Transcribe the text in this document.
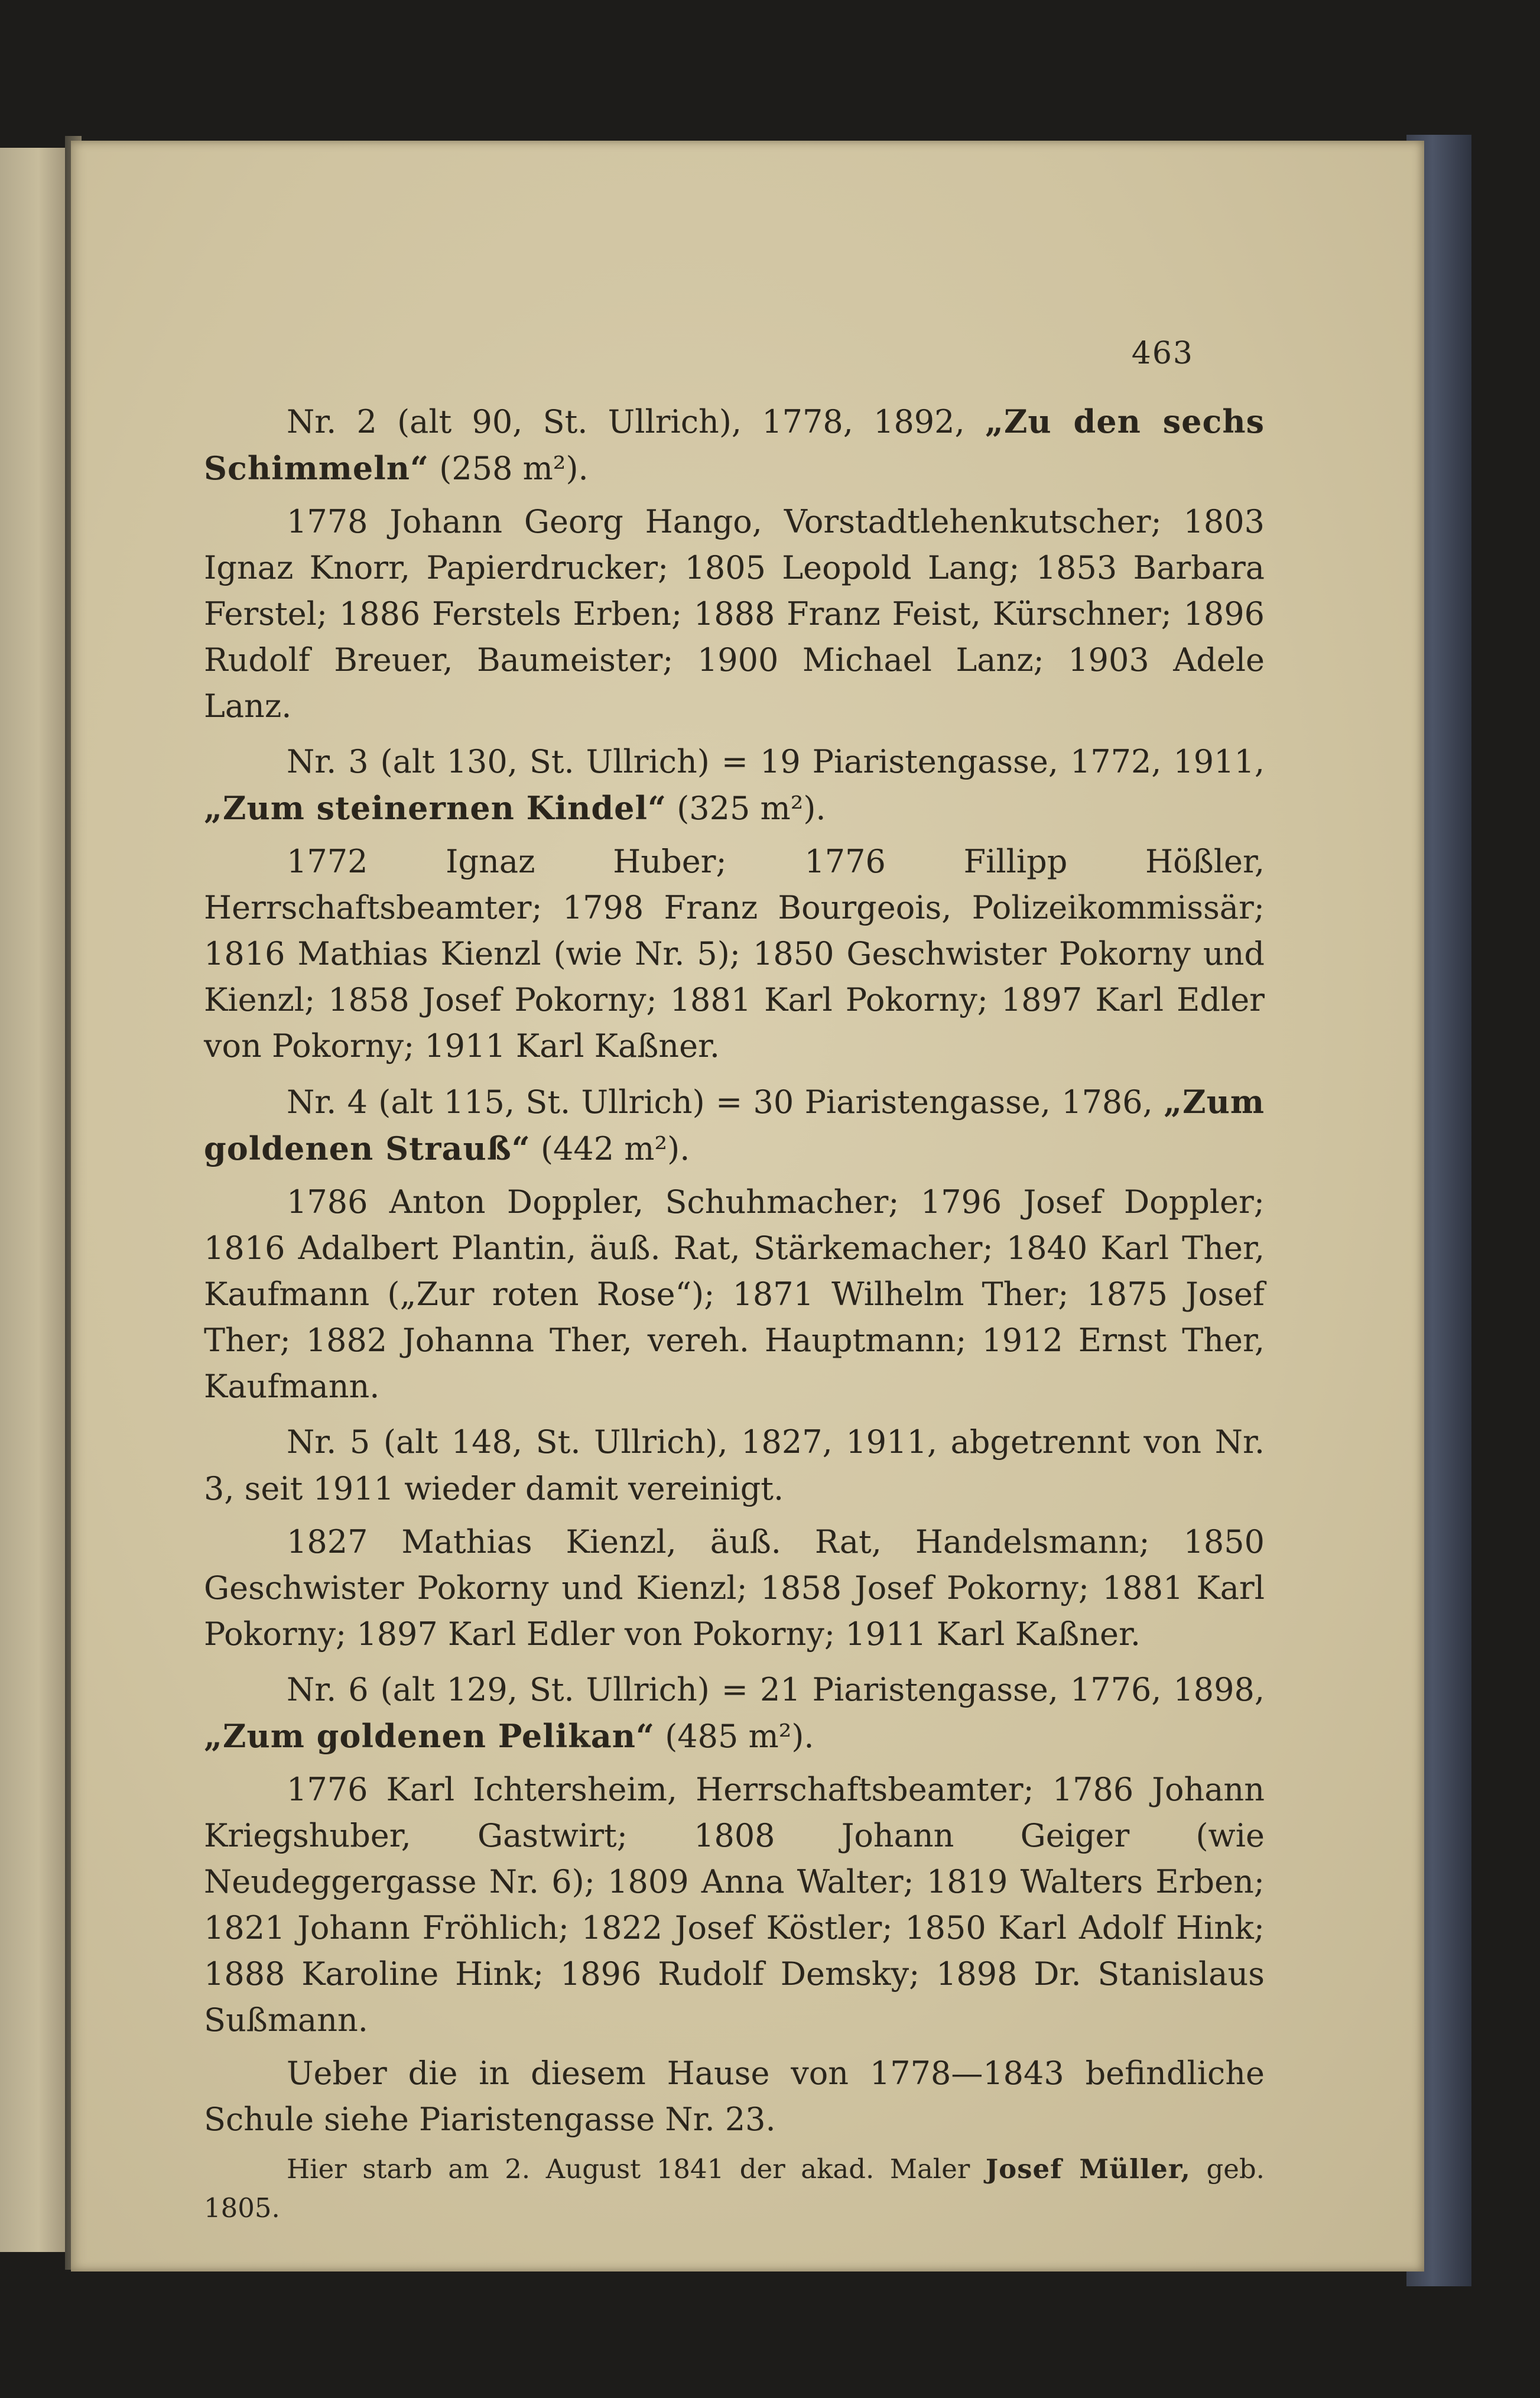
463

Nr. 2 (alt 90, St. Ullrich), 1778, 1892, „Zu den sechs Schimmeln“ (258 m²).

1778 Johann Georg Hango, Vorstadtlehenkutscher; 1803 Ignaz Knorr, Papierdrucker; 1805 Leopold Lang; 1853 Barbara Ferstel; 1886 Ferstels Erben; 1888 Franz Feist, Kürschner; 1896 Rudolf Breuer, Baumeister; 1900 Michael Lanz; 1903 Adele Lanz.

Nr. 3 (alt 130, St. Ullrich) = 19 Piaristengasse, 1772, 1911, „Zum steinernen Kindel“ (325 m²).

1772 Ignaz Huber; 1776 Fillipp Hößler, Herrschaftsbeamter; 1798 Franz Bourgeois, Polizeikommissär; 1816 Mathias Kienzl (wie Nr. 5); 1850 Geschwister Pokorny und Kienzl; 1858 Josef Pokorny; 1881 Karl Pokorny; 1897 Karl Edler von Pokorny; 1911 Karl Kaßner.

Nr. 4 (alt 115, St. Ullrich) = 30 Piaristengasse, 1786, „Zum goldenen Strauß“ (442 m²).

1786 Anton Doppler, Schuhmacher; 1796 Josef Doppler; 1816 Adalbert Plantin, äuß. Rat, Stärkemacher; 1840 Karl Ther, Kaufmann („Zur roten Rose“); 1871 Wilhelm Ther; 1875 Josef Ther; 1882 Johanna Ther, vereh. Hauptmann; 1912 Ernst Ther, Kaufmann.

Nr. 5 (alt 148, St. Ullrich), 1827, 1911, abgetrennt von Nr. 3, seit 1911 wieder damit vereinigt.

1827 Mathias Kienzl, äuß. Rat, Handelsmann; 1850 Geschwister Pokorny und Kienzl; 1858 Josef Pokorny; 1881 Karl Pokorny; 1897 Karl Edler von Pokorny; 1911 Karl Kaßner.

Nr. 6 (alt 129, St. Ullrich) = 21 Piaristengasse, 1776, 1898, „Zum goldenen Pelikan“ (485 m²).

1776 Karl Ichtersheim, Herrschaftsbeamter; 1786 Johann Kriegshuber, Gastwirt; 1808 Johann Geiger (wie Neudeggergasse Nr. 6); 1809 Anna Walter; 1819 Walters Erben; 1821 Johann Fröhlich; 1822 Josef Köstler; 1850 Karl Adolf Hink; 1888 Karoline Hink; 1896 Rudolf Demsky; 1898 Dr. Stanislaus Sußmann.

Ueber die in diesem Hause von 1778—1843 befindliche Schule siehe Piaristengasse Nr. 23.

Hier starb am 2. August 1841 der akad. Maler Josef Müller, geb. 1805.
